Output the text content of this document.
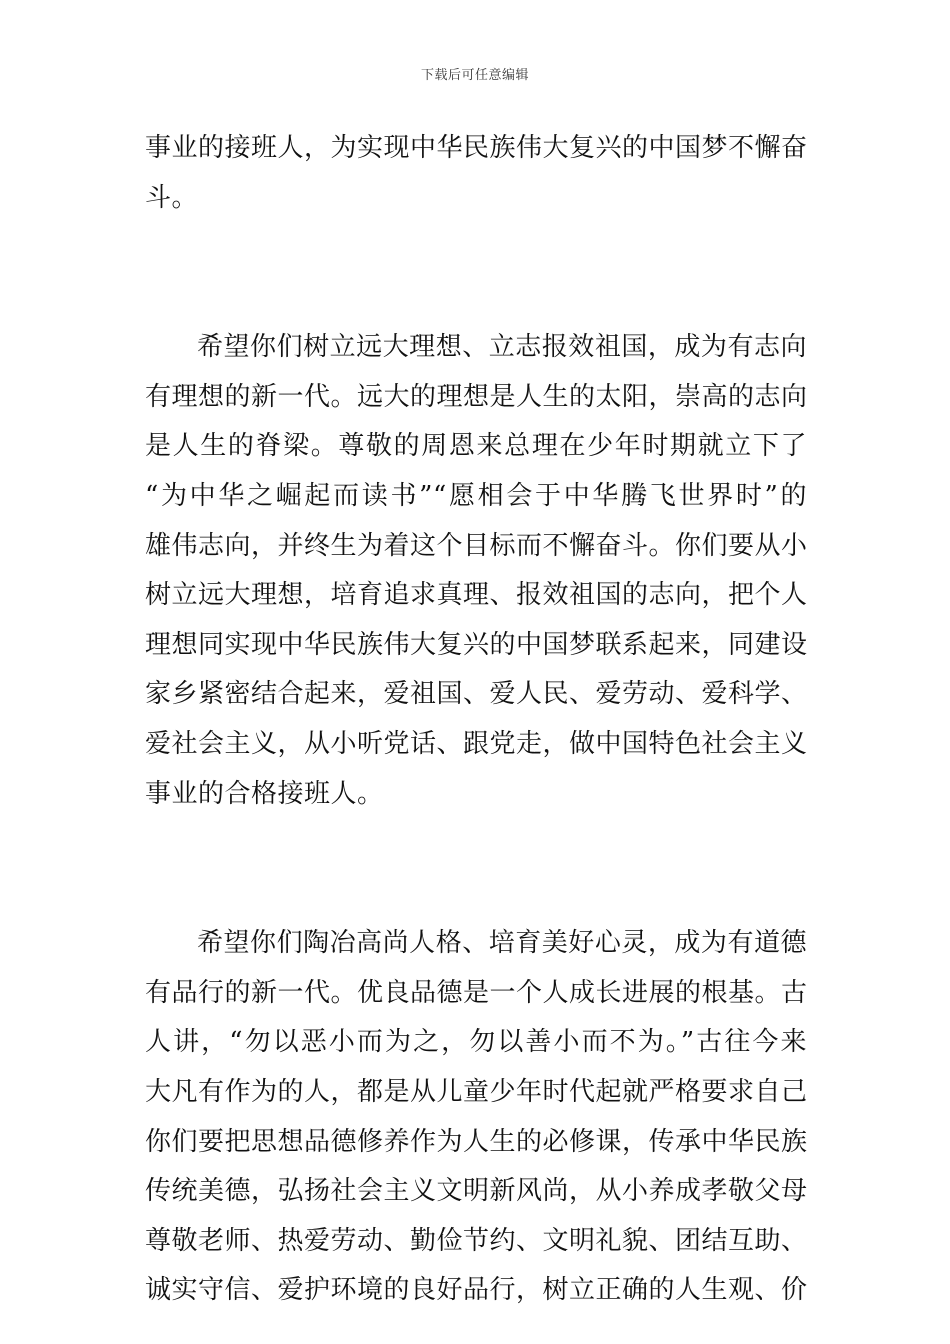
下载后可任意编辑
事业的接班人，为实现中华民族伟大复兴的中国梦不懈奋
斗。
希望你们树立远大理想、立志报效祖国，成为有志向
有理想的新一代。远大的理想是人生的太阳，崇高的志向
是人生的脊梁。尊敬的周恩来总理在少年时期就立下了
“为中华之崛起而读书”“愿相会于中华腾飞世界时”的
雄伟志向，并终生为着这个目标而不懈奋斗。你们要从小
树立远大理想，培育追求真理、报效祖国的志向，把个人
理想同实现中华民族伟大复兴的中国梦联系起来，同建设
家乡紧密结合起来，爱祖国、爱人民、爱劳动、爱科学、
爱社会主义，从小听党话、跟党走，做中国特色社会主义
事业的合格接班人。
希望你们陶冶高尚人格、培育美好心灵，成为有道德
有品行的新一代。优良品德是一个人成长进展的根基。古
人讲，“勿以恶小而为之，勿以善小而不为。”古往今来
大凡有作为的人，都是从儿童少年时代起就严格要求自己
你们要把思想品德修养作为人生的必修课，传承中华民族
传统美德，弘扬社会主义文明新风尚，从小养成孝敬父母
尊敬老师、热爱劳动、勤俭节约、文明礼貌、团结互助、
诚实守信、爱护环境的良好品行，树立正确的人生观、价
